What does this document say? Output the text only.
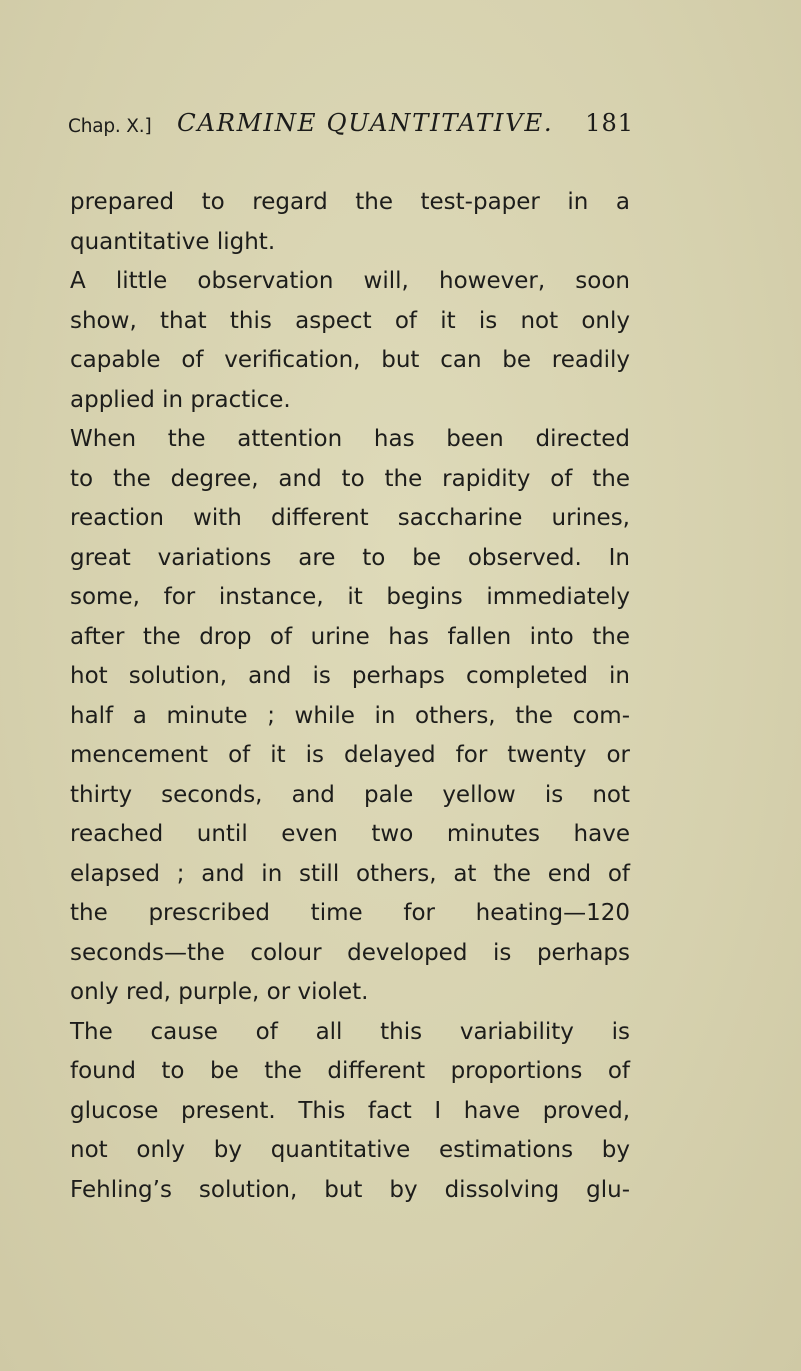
Chap. X.] CARMINE QUANTITATIVE. 181
prepared to regard the test-paper in a
quantitative light.
A little observation will, however, soon
show, that this aspect of it is not only
capable of verification, but can be readily
applied in practice.
When the attention has been directed
to the degree, and to the rapidity of the
reaction with different saccharine urines,
great variations are to be observed. In
some, for instance, it begins immediately
after the drop of urine has fallen into the
hot solution, and is perhaps completed in
half a minute ; while in others, the com-
mencement of it is delayed for twenty or
thirty seconds, and pale yellow is not
reached until even two minutes have
elapsed ; and in still others, at the end of
the prescribed time for heating—120
seconds—the colour developed is perhaps
only red, purple, or violet.
The cause of all this variability is
found to be the different proportions of
glucose present. This fact I have proved,
not only by quantitative estimations by
Fehling’s solution, but by dissolving glu-
